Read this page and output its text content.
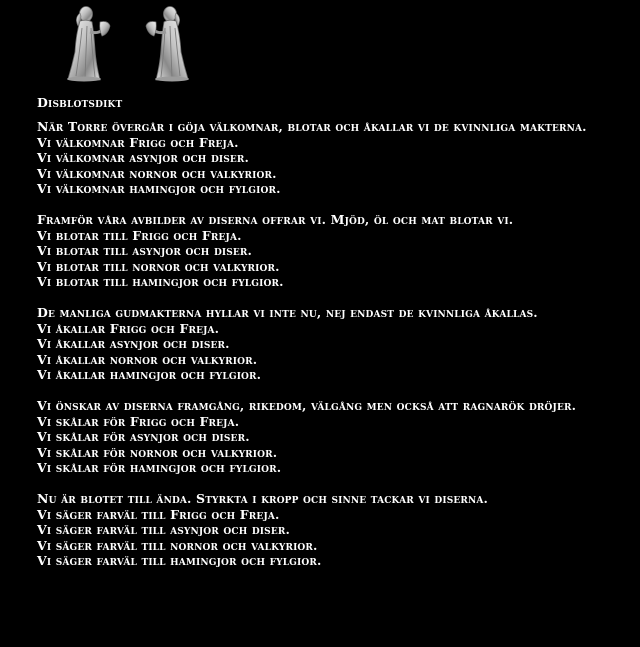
Disblotsdikt
När Torre övergår i göja välkomnar, blotar och åkallar vi de kvinnliga makterna.
Vi välkomnar Frigg och Freja.
Vi välkomnar asynjor och diser.
Vi välkomnar nornor och valkyrior.
Vi välkomnar hamingjor och fylgior.
Framför våra avbilder av diserna offrar vi. Mjöd, öl och mat blotar vi.
Vi blotar till Frigg och Freja.
Vi blotar till asynjor och diser.
Vi blotar till nornor och valkyrior.
Vi blotar till hamingjor och fylgior.
De manliga gudmakterna hyllar vi inte nu, nej endast de kvinnliga åkallas.
Vi åkallar Frigg och Freja.
Vi åkallar asynjor och diser.
Vi åkallar nornor och valkyrior.
Vi åkallar hamingjor och fylgior.
Vi önskar av diserna framgång, rikedom, välgång men också att ragnarök dröjer.
Vi skålar för Frigg och Freja.
Vi skålar för asynjor och diser.
Vi skålar för nornor och valkyrior.
Vi skålar för hamingjor och fylgior.
Nu är blotet till ända. Styrkta i kropp och sinne tackar vi diserna.
Vi säger farväl till Frigg och Freja.
Vi säger farväl till asynjor och diser.
Vi säger farväl till nornor och valkyrior.
Vi säger farväl till hamingjor och fylgior.
